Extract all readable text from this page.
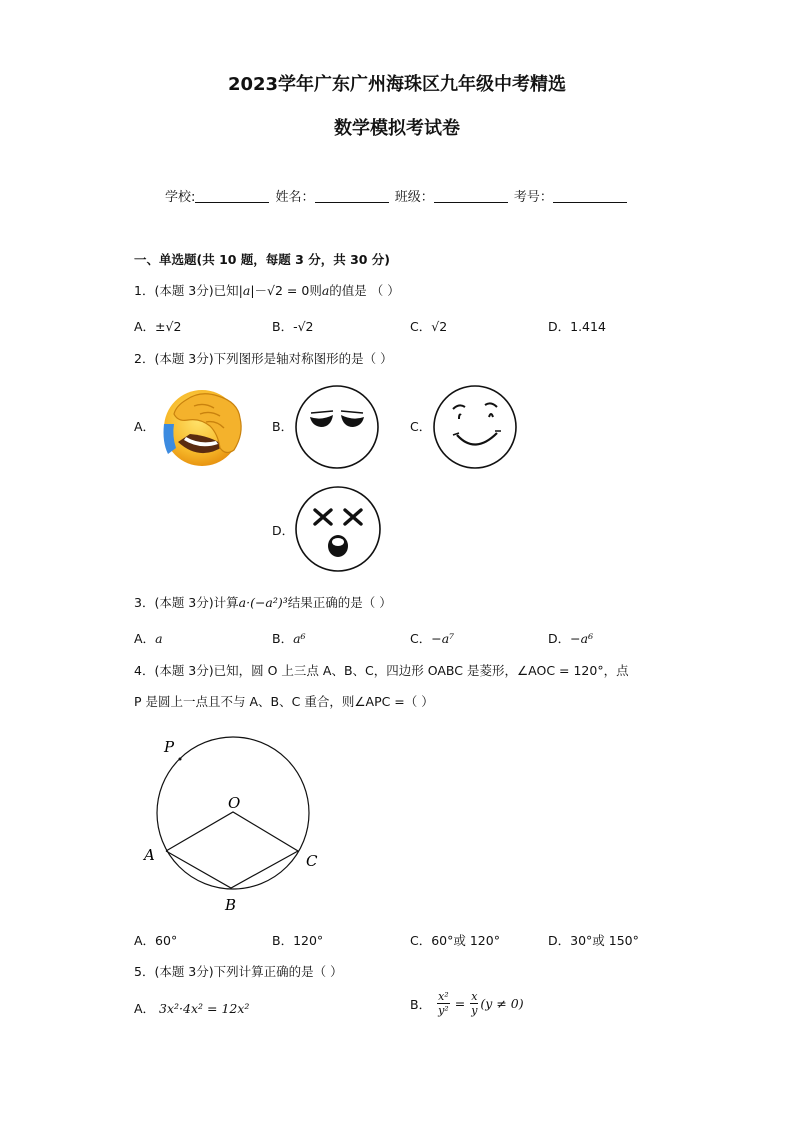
2023学年广东广州海珠区九年级中考精选
数学模拟考试卷
学校:	姓名：	班级：	考号：
一、单选题(共 10 题，每题 3 分，共 30 分)
1．(本题 3分)已知|a|－√2 = 0则a的值是 （ ）
A．±√2	B．-√2	C．√2	D．1.414
2．(本题 3分)下列图形是轴对称图形的是（ ）
A．	B．	C．
D．
3．(本题 3分)计算a·(−a²)³结果正确的是（ ）
A．a	B．a⁶	C．−a⁷	D．−a⁶
4．(本题 3分)已知，圆 O 上三点 A、B、C，四边形 OABC 是菱形，∠AOC = 120°，点
P 是圆上一点且不与 A、B、C 重合，则∠APC =（ ）
P
O
A
B
C
A．60°	B．120°	C．60°或 120°	D．30°或 150°
5．(本题 3分)下列计算正确的是（ ）
A． 3x²·4x² = 12x²	B． $\frac{\text{x²}}{\text{y²}} = \frac{x}{y} (y \ne 0)$
